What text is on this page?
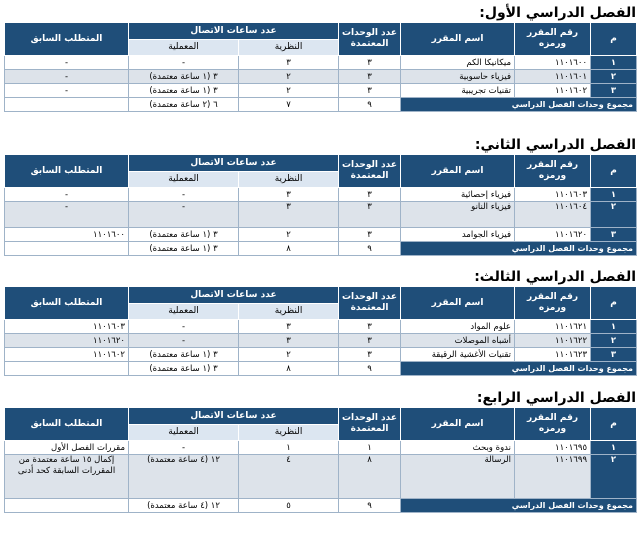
الفصل الدراسي الأول:
م	رقم المقرر ورمزه	اسم المقرر	عدد الوحدات المعتمدة	عدد ساعات الاتصال		المتطلب السابق
				النظرية	المعملية	
١	١١٠١٦٠٠	ميكانيكا الكم	٣	٣	-	-
٢	١١٠١٦٠١	فيزياء حاسوبية	٣	٢	٣ (١ ساعة معتمدة)	-
٣	١١٠١٦٠٢	تقنيات تجريبية	٣	٢	٣ (١ ساعة معتمدة)	-
مجموع وحدات الفصل الدراسي			٩	٧	٦ (٢ ساعة معتمدة)	
الفصل الدراسي الثاني:
م	رقم المقرر ورمزه	اسم المقرر	عدد الوحدات المعتمدة	عدد ساعات الاتصال		المتطلب السابق
				النظرية	المعملية	
١	١١٠١٦٠٣	فيزياء إحصائية	٣	٣	-	-
٢	١١٠١٦٠٤	فيزياء النانو	٣	٣	-	-
٣	١١٠١٦٢٠	فيزياء الجوامد	٣	٢	٣ (١ ساعة معتمدة)	١١٠١٦٠٠
مجموع وحدات الفصل الدراسي			٩	٨	٣ (١ ساعة معتمدة)	
الفصل الدراسي الثالث:
م	رقم المقرر ورمزه	اسم المقرر	عدد الوحدات المعتمدة	عدد ساعات الاتصال		المتطلب السابق
				النظرية	المعملية	
١	١١٠١٦٢١	علوم المواد	٣	٣	-	١١٠١٦٠٣
٢	١١٠١٦٢٢	أشباه الموصلات	٣	٣	-	١١٠١٦٢٠
٣	١١٠١٦٢٣	تقنيات الأغشية الرقيقة	٣	٢	٣ (١ ساعة معتمدة)	١١٠١٦٠٢
مجموع وحدات الفصل الدراسي			٩	٨	٣ (١ ساعة معتمدة)	
الفصل الدراسي الرابع:
م	رقم المقرر ورمزه	اسم المقرر	عدد الوحدات المعتمدة	عدد ساعات الاتصال		المتطلب السابق
				النظرية	المعملية	
١	١١٠١٦٩٥	ندوة وبحث	١	١	-	مقررات الفصل الأول
٢	١١٠١٦٩٩	الرسالة	٨	٤	١٢ (٤ ساعة معتمدة)	إكمال ١٥ ساعة معتمدة من المقررات السابقة كحد أدنى
مجموع وحدات الفصل الدراسي			٩	٥	١٢ (٤ ساعة معتمدة)	
